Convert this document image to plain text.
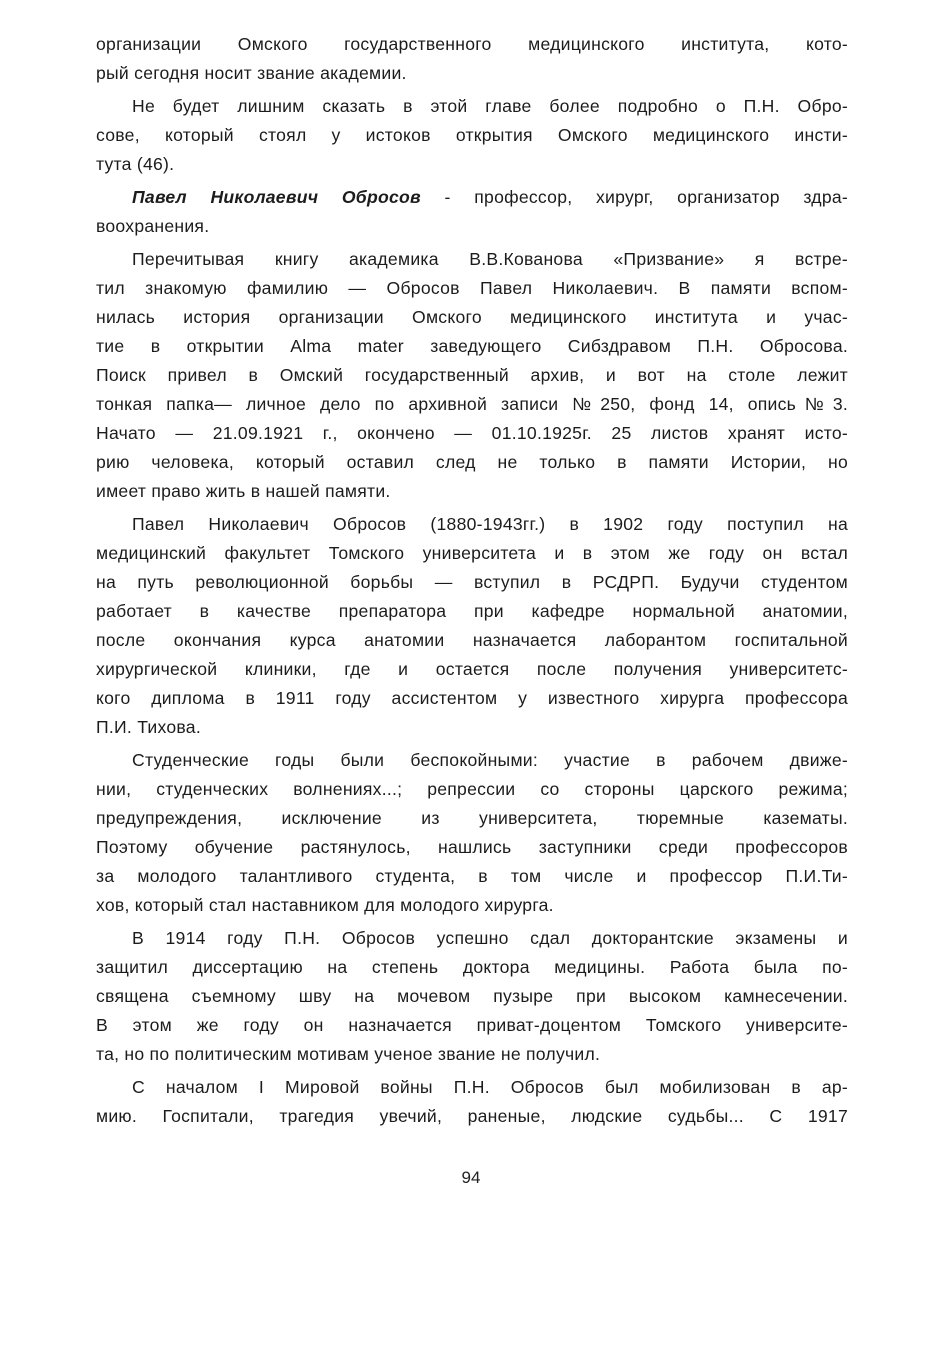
организации Омского государственного медицинского института, кото-
рый сегодня носит звание академии.
Не будет лишним сказать в этой главе более подробно о П.Н. Обро-
сове, который стоял у истоков открытия Омского медицинского инсти-
тута (46).
Павел Николаевич Обросов - профессор, хирург, организатор здра-
воохранения.
Перечитывая книгу академика В.В.Кованова «Призвание» я встре-
тил знакомую фамилию — Обросов Павел Николаевич. В памяти вспом-
нилась история организации Омского медицинского института и учас-
тие в открытии Alma mater заведующего Сибздравом П.Н. Обросова.
Поиск привел в Омский государственный архив, и вот на столе лежит
тонкая папка— личное дело по архивной записи №250, фонд 14, опись№3.
Начато — 21.09.1921 г., окончено — 01.10.1925г. 25 листов хранят исто-
рию человека, который оставил след не только в памяти Истории, но
имеет право жить в нашей памяти.
Павел Николаевич Обросов (1880-1943гг.) в 1902 году поступил на
медицинский факультет Томского университета и в этом же году он встал
на путь революционной борьбы — вступил в РСДРП. Будучи студентом
работает в качестве препаратора при кафедре нормальной анатомии,
после окончания курса анатомии назначается лаборантом госпитальной
хирургической клиники, где и остается после получения университетс-
кого диплома в 1911 году ассистентом у известного хирурга профессора
П.И. Тихова.
Студенческие годы были беспокойными: участие в рабочем движе-
нии, студенческих волнениях...; репрессии со стороны царского режима;
предупреждения, исключение из университета, тюремные казематы.
Поэтому обучение растянулось, нашлись заступники среди профессоров
за молодого талантливого студента, в том числе и профессор П.И.Ти-
хов, который стал наставником для молодого хирурга.
В 1914 году П.Н. Обросов успешно сдал докторантские экзамены и
защитил диссертацию на степень доктора медицины. Работа была по-
священа съемному шву на мочевом пузыре при высоком камнесечении.
В этом же году он назначается приват-доцентом Томского университе-
та, но по политическим мотивам ученое звание не получил.
С началом I Мировой войны П.Н. Обросов был мобилизован в ар-
мию. Госпитали, трагедия увечий, раненые, людские судьбы... С 1917
94
